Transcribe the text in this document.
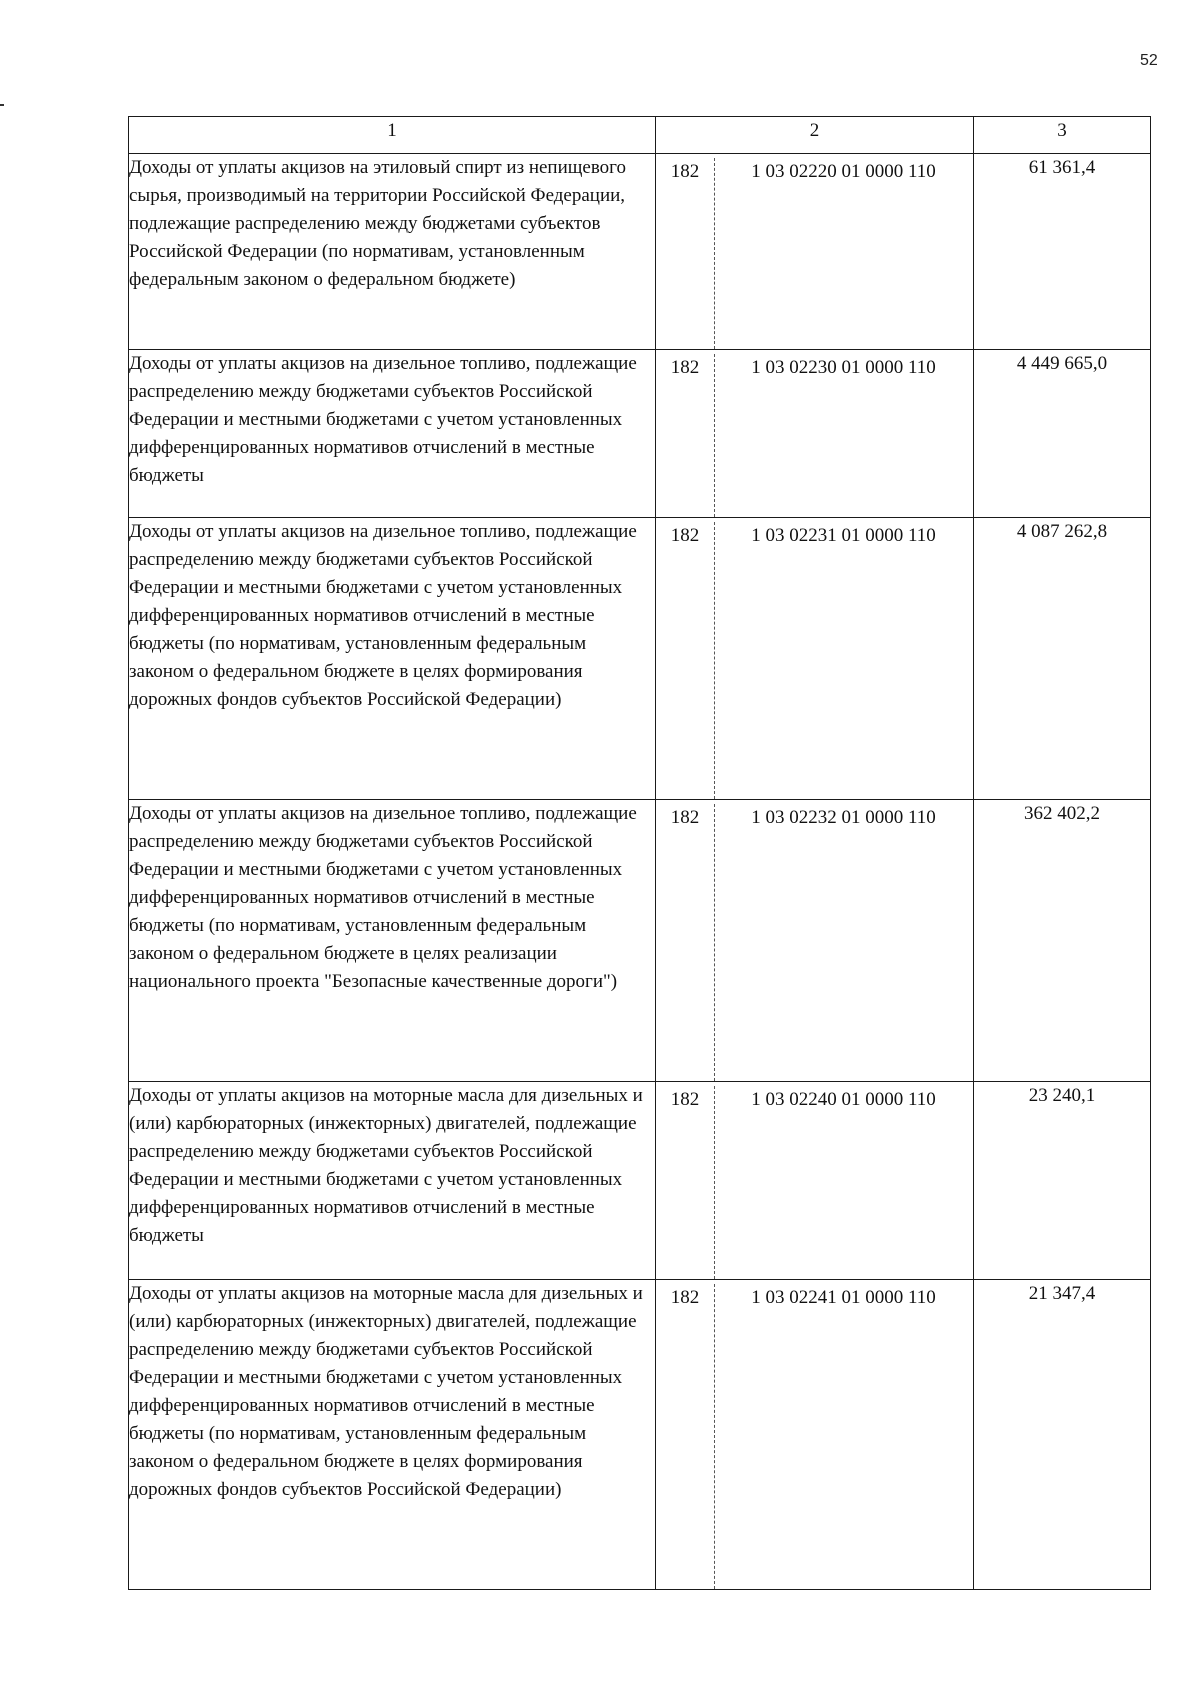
52
1	2	3
Доходы от уплаты акцизов на этиловый спирт из непищевого сырья, производимый на территории Российской Федерации, подлежащие распределению между бюджетами субъектов Российской Федерации (по нормативам, установленным федеральным законом о федеральном бюджете)	182 1 03 02220 01 0000 110	61 361,4
Доходы от уплаты акцизов на дизельное топливо, подлежащие распределению между бюджетами субъектов Российской Федерации и местными бюджетами с учетом установленных дифференцированных нормативов отчислений в местные бюджеты	182 1 03 02230 01 0000 110	4 449 665,0
Доходы от уплаты акцизов на дизельное топливо, подлежащие распределению между бюджетами субъектов Российской Федерации и местными бюджетами с учетом установленных дифференцированных нормативов отчислений в местные бюджеты (по нормативам, установленным федеральным законом о федеральном бюджете в целях формирования дорожных фондов субъектов Российской Федерации)	182 1 03 02231 01 0000 110	4 087 262,8
Доходы от уплаты акцизов на дизельное топливо, подлежащие распределению между бюджетами субъектов Российской Федерации и местными бюджетами с учетом установленных дифференцированных нормативов отчислений в местные бюджеты (по нормативам, установленным федеральным законом о федеральном бюджете в целях реализации национального проекта "Безопасные качественные дороги")	182 1 03 02232 01 0000 110	362 402,2
Доходы от уплаты акцизов на моторные масла для дизельных и (или) карбюраторных (инжекторных) двигателей, подлежащие распределению между бюджетами субъектов Российской Федерации и местными бюджетами с учетом установленных дифференцированных нормативов отчислений в местные бюджеты	182 1 03 02240 01 0000 110	23 240,1
Доходы от уплаты акцизов на моторные масла для дизельных и (или) карбюраторных (инжекторных) двигателей, подлежащие распределению между бюджетами субъектов Российской Федерации и местными бюджетами с учетом установленных дифференцированных нормативов отчислений в местные бюджеты (по нормативам, установленным федеральным законом о федеральном бюджете в целях формирования дорожных фондов субъектов Российской Федерации)	182 1 03 02241 01 0000 110	21 347,4
